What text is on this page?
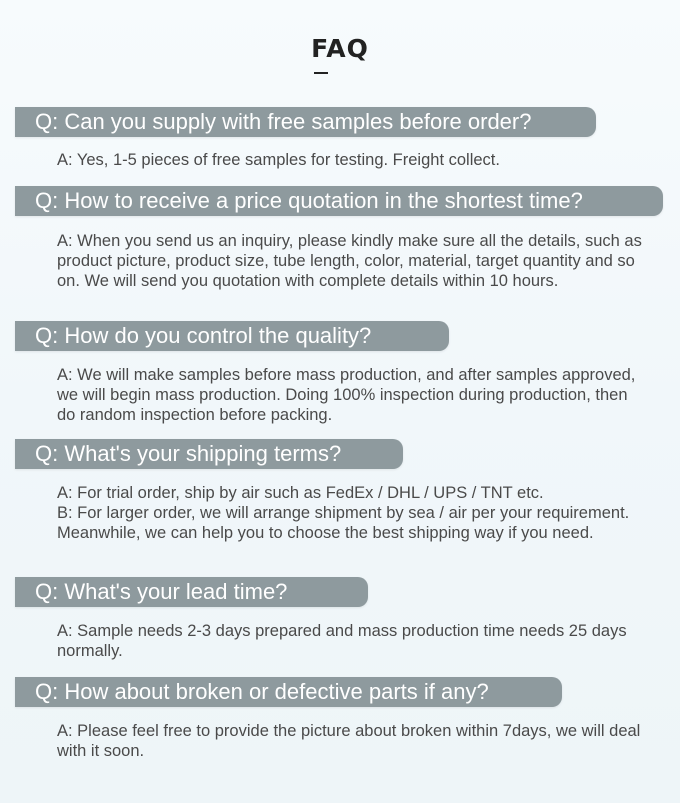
FAQ
Q: Can you supply with free samples before order?

A: Yes, 1-5 pieces of free samples for testing. Freight collect.

Q: How to receive a price quotation in the shortest time?

A: When you send us an inquiry, please kindly make sure all the details, such as product picture, product size, tube length, color, material, target quantity and so on. We will send you quotation with complete details within 10 hours.

Q: How do you control the quality?

A: We will make samples before mass production, and after samples approved, we will begin mass production. Doing 100% inspection during production, then do random inspection before packing.

Q: What's your shipping terms?

A: For trial order, ship by air such as FedEx / DHL / UPS / TNT etc.

B: For larger order, we will arrange shipment by sea / air per your requirement. Meanwhile, we can help you to choose the best shipping way if you need.

Q: What's your lead time?

A: Sample needs 2-3 days prepared and mass production time needs 25 days normally.

Q: How about broken or defective parts if any?

A: Please feel free to provide the picture about broken within 7days, we will deal with it soon.
